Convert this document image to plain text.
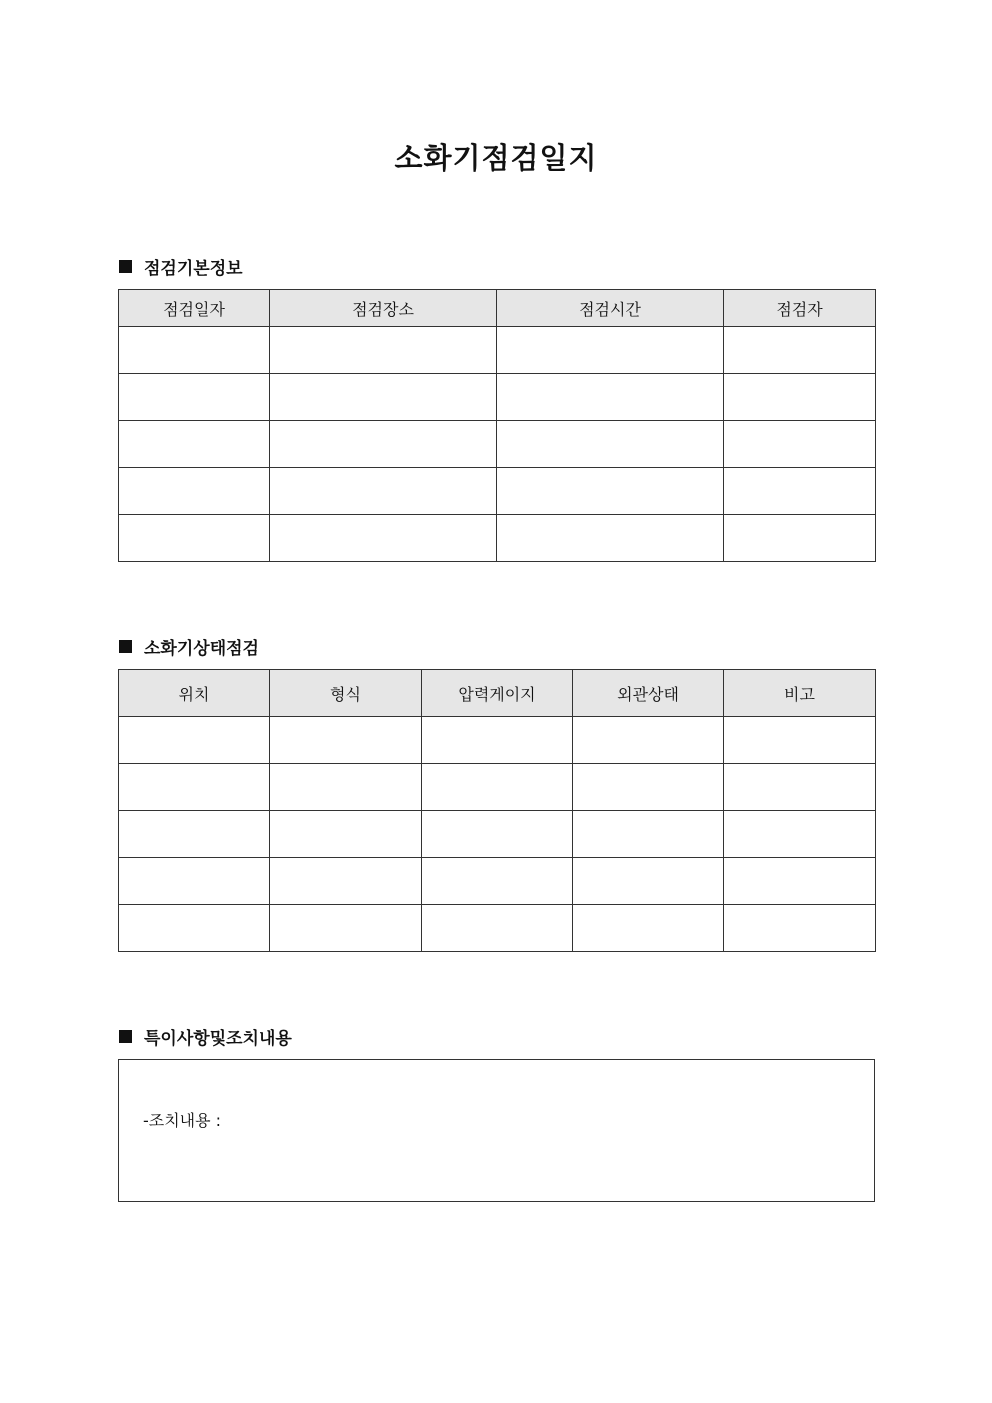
소화기점검일지
점검기본정보
점검일자	점검장소	점검시간	점검자

소화기상태점검
위치	형식	압력게이지	외관상태	비고

특이사항및조치내용
-조치내용 :
